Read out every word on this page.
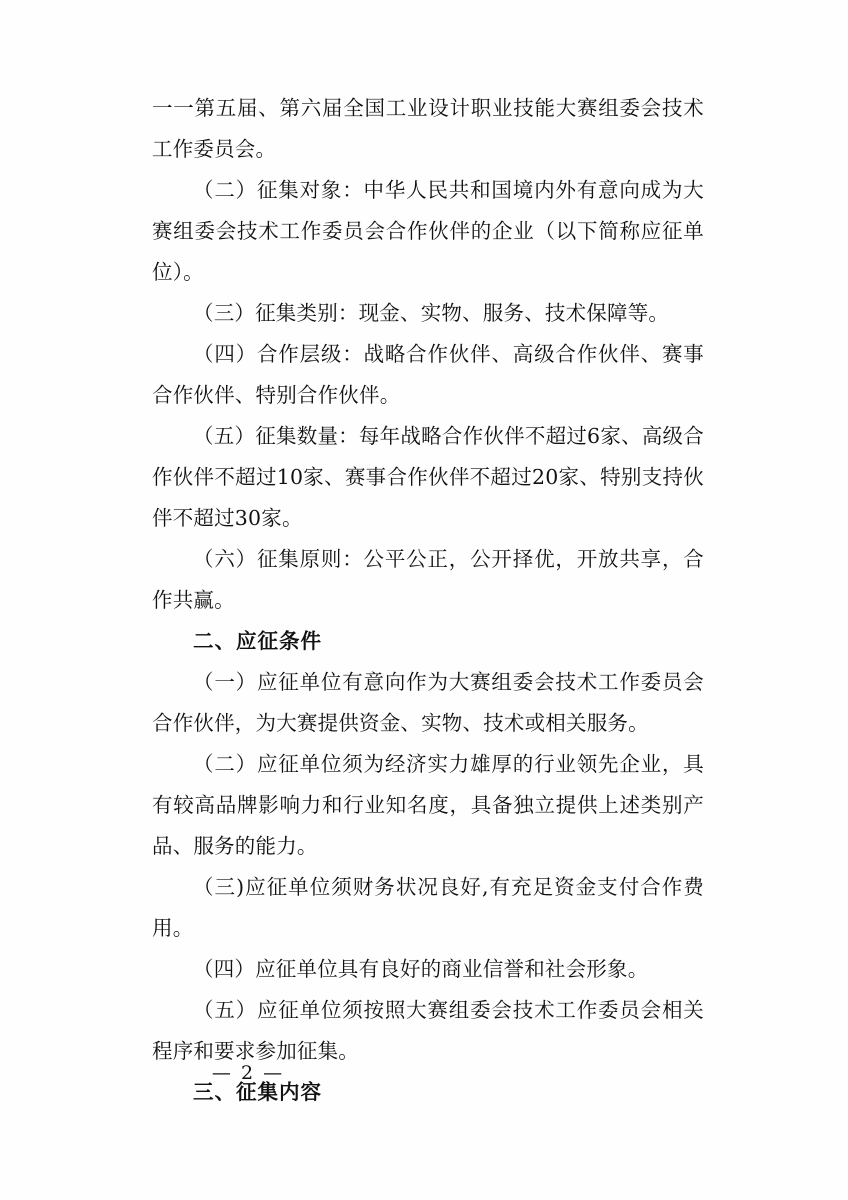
一一第五届、第六届全国工业设计职业技能大赛组委会技术工作委员会。

（二）征集对象：中华人民共和国境内外有意向成为大赛组委会技术工作委员会合作伙伴的企业（以下简称应征单位）。

（三）征集类别：现金、实物、服务、技术保障等。

（四）合作层级：战略合作伙伴、高级合作伙伴、赛事合作伙伴、特别合作伙伴。

（五）征集数量：每年战略合作伙伴不超过6家、高级合作伙伴不超过10家、赛事合作伙伴不超过20家、特别支持伙伴不超过30家。

（六）征集原则：公平公正，公开择优，开放共享，合作共赢。

二、应征条件

（一）应征单位有意向作为大赛组委会技术工作委员会合作伙伴，为大赛提供资金、实物、技术或相关服务。

（二）应征单位须为经济实力雄厚的行业领先企业，具有较高品牌影响力和行业知名度，具备独立提供上述类别产品、服务的能力。

（三)应征单位须财务状况良好,有充足资金支付合作费用。

（四）应征单位具有良好的商业信誉和社会形象。

（五）应征单位须按照大赛组委会技术工作委员会相关程序和要求参加征集。

三、征集内容

— 2 —
